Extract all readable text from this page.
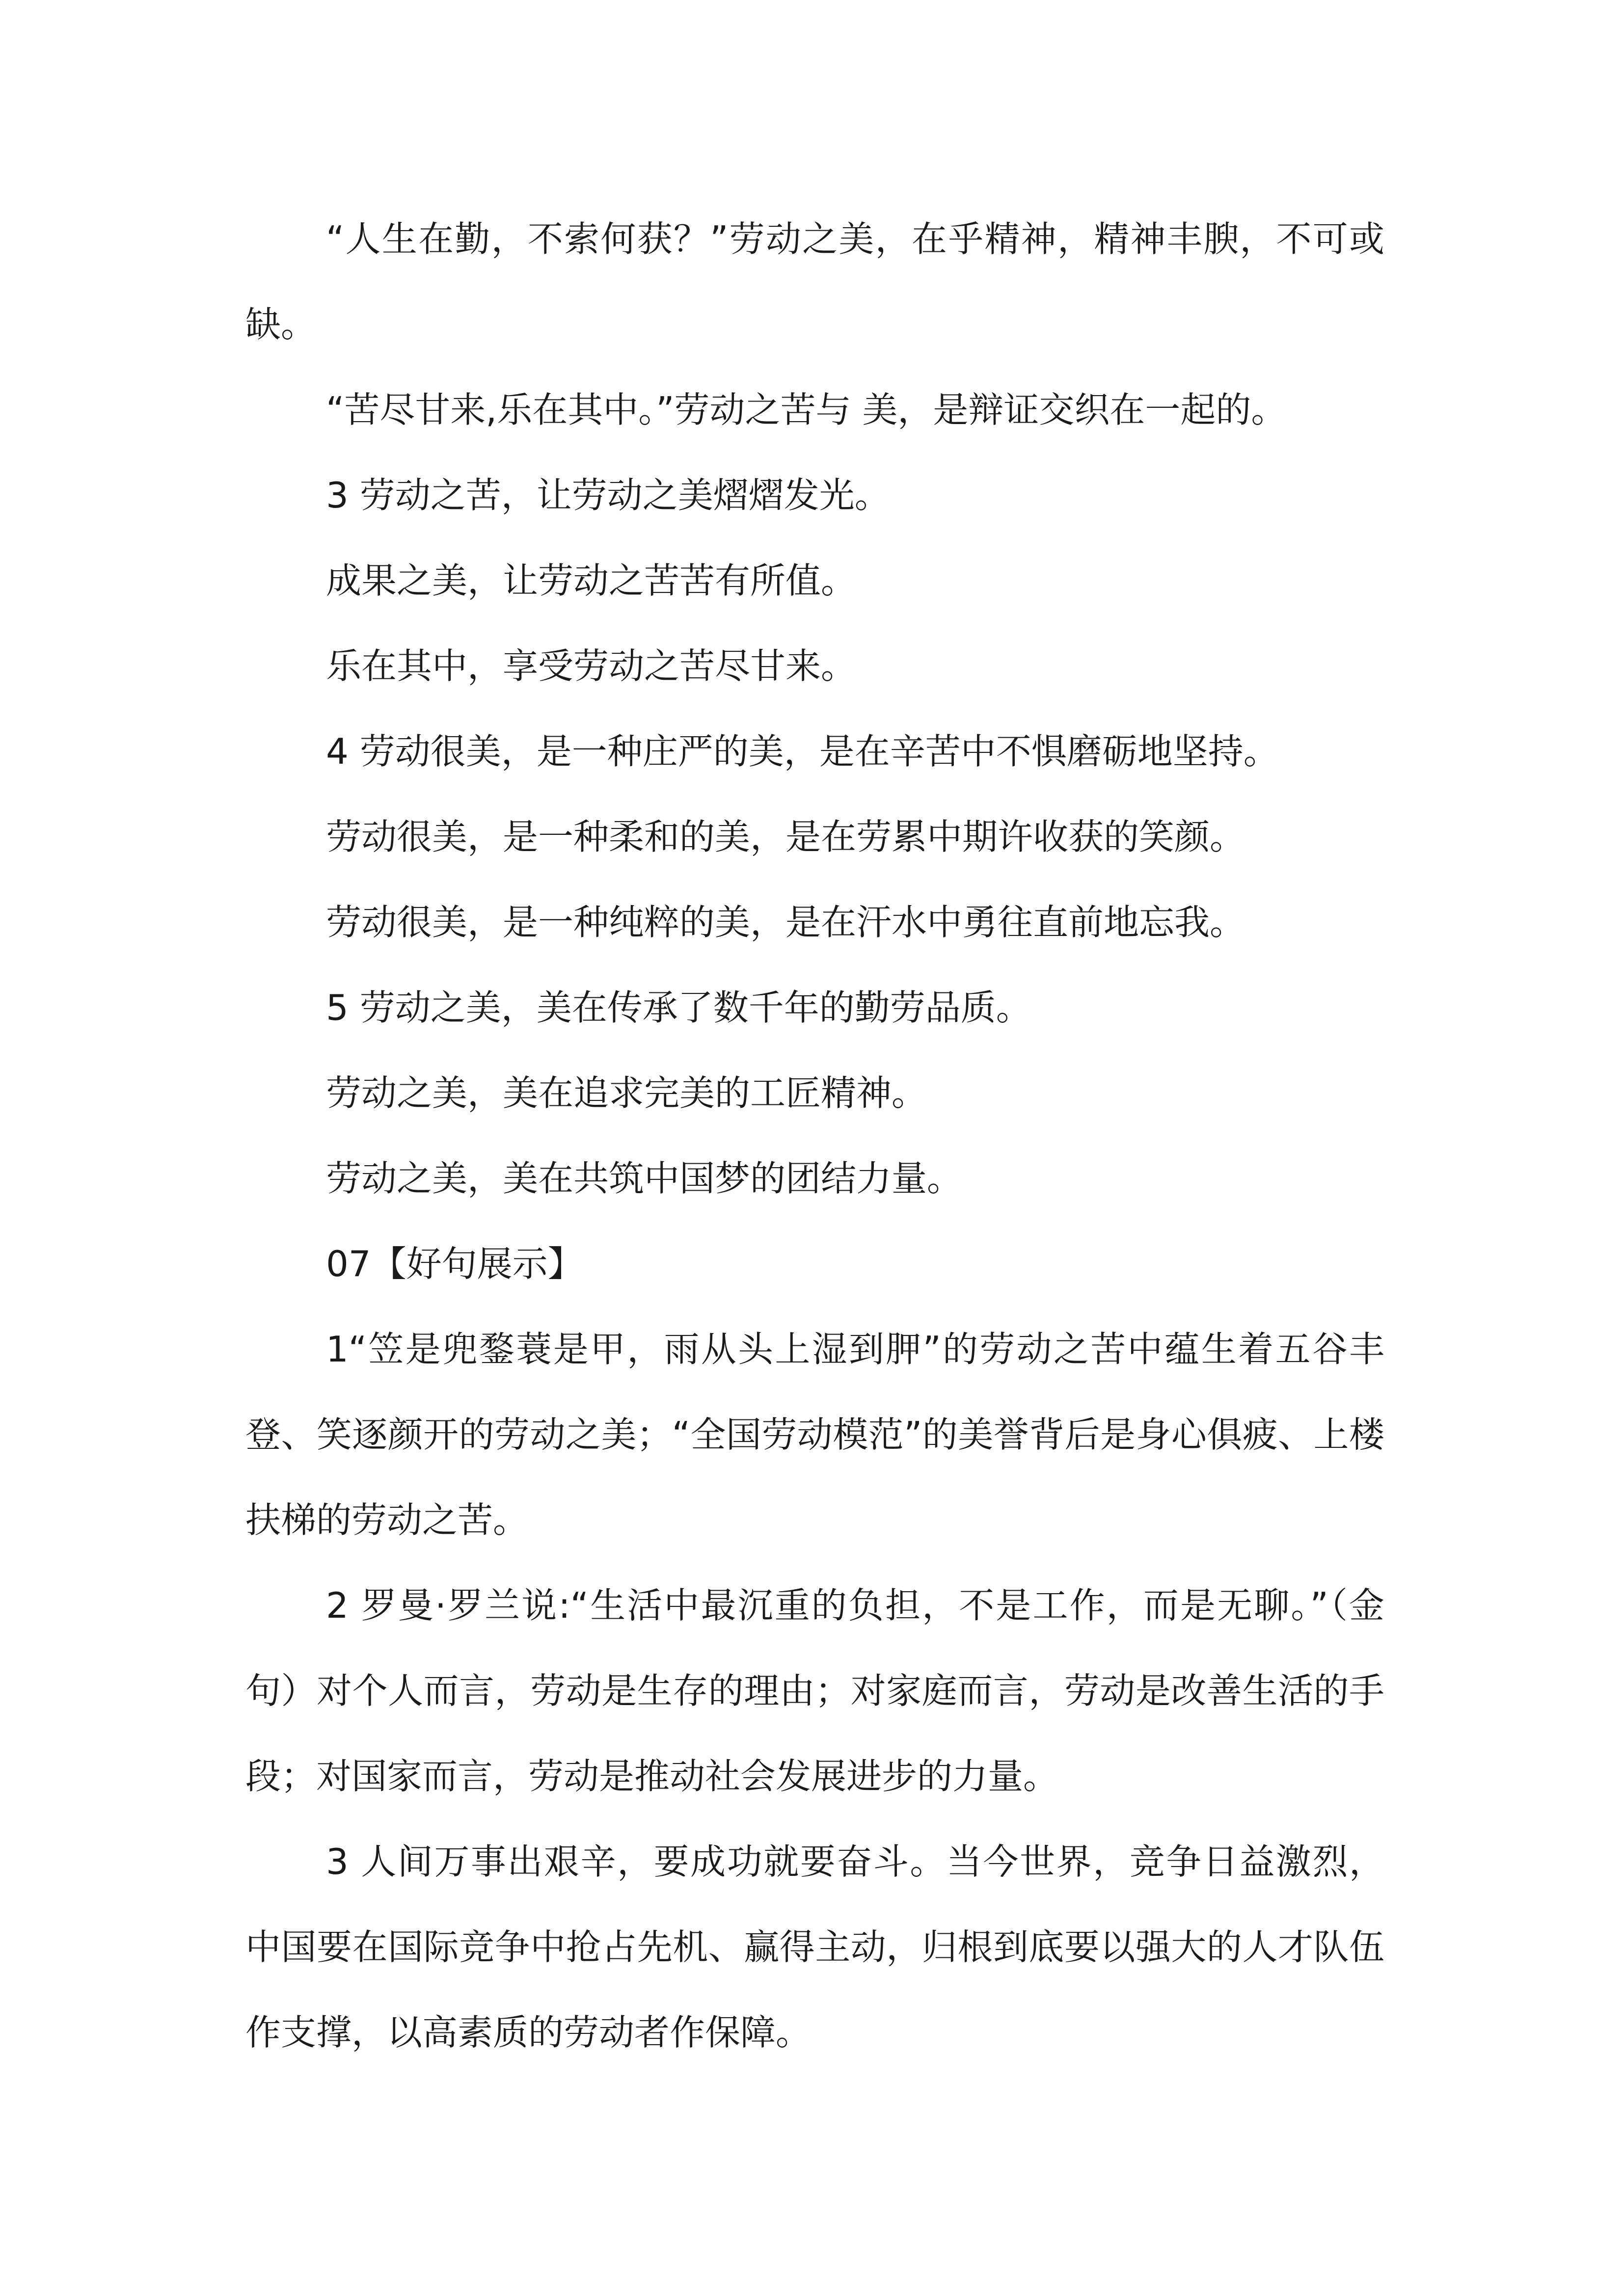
“人生在勤，不索何获？”劳动之美，在乎精神，精神丰腴，不可或缺。

“苦尽甘来,乐在其中。”劳动之苦与 美，是辩证交织在一起的。

3 劳动之苦，让劳动之美熠熠发光。

成果之美，让劳动之苦苦有所值。

乐在其中，享受劳动之苦尽甘来。

4 劳动很美，是一种庄严的美，是在辛苦中不惧磨砺地坚持。

劳动很美，是一种柔和的美，是在劳累中期许收获的笑颜。

劳动很美，是一种纯粹的美，是在汗水中勇往直前地忘我。

5 劳动之美，美在传承了数千年的勤劳品质。

劳动之美，美在追求完美的工匠精神。

劳动之美，美在共筑中国梦的团结力量。

07【好句展示】

1“笠是兜鍪蓑是甲，雨从头上湿到胛”的劳动之苦中蕴生着五谷丰登、笑逐颜开的劳动之美；“全国劳动模范”的美誉背后是身心俱疲、上楼扶梯的劳动之苦。

2 罗曼·罗兰说:“生活中最沉重的负担，不是工作，而是无聊。”（金句）对个人而言，劳动是生存的理由；对家庭而言，劳动是改善生活的手段；对国家而言，劳动是推动社会发展进步的力量。

3 人间万事出艰辛，要成功就要奋斗。当今世界，竞争日益激烈，中国要在国际竞争中抢占先机、赢得主动，归根到底要以强大的人才队伍作支撑，以高素质的劳动者作保障。
